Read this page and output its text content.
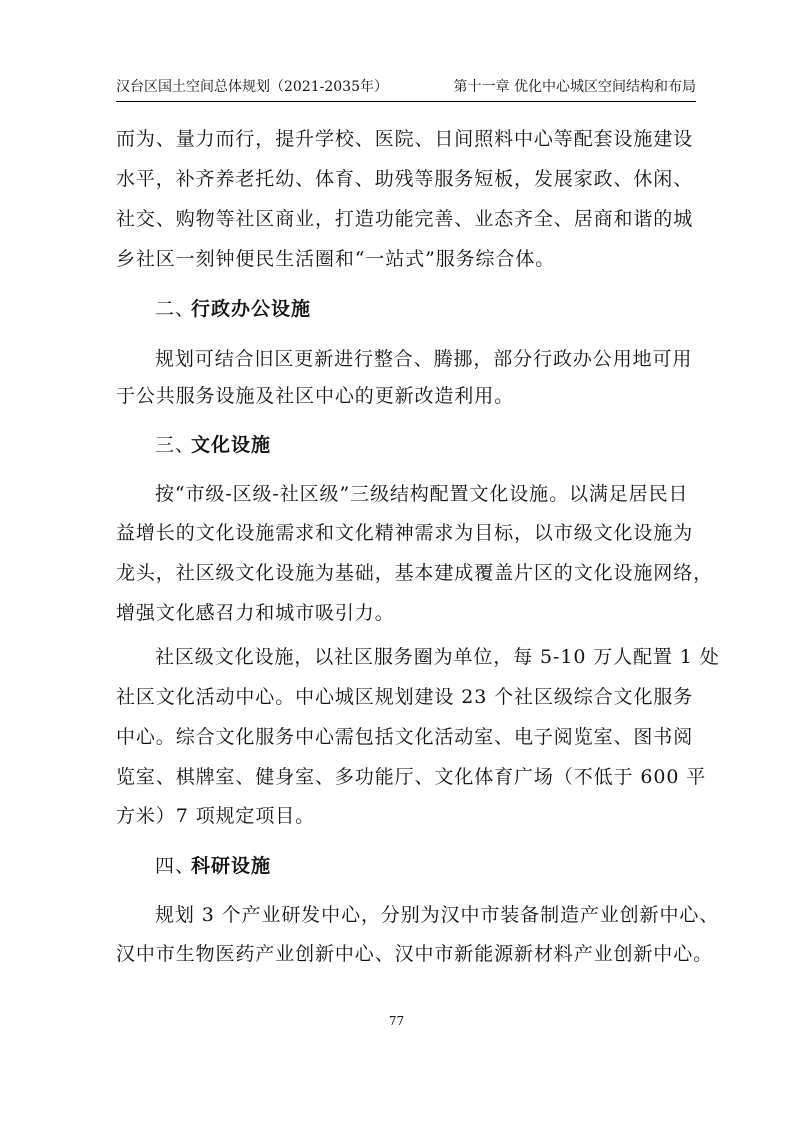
汉台区国土空间总体规划（2021-2035年）	第十一章 优化中心城区空间结构和布局
而为、量力而行，提升学校、医院、日间照料中心等配套设施建设
水平，补齐养老托幼、体育、助残等服务短板，发展家政、休闲、
社交、购物等社区商业，打造功能完善、业态齐全、居商和谐的城
乡社区一刻钟便民生活圈和“一站式”服务综合体。
二、行政办公设施
规划可结合旧区更新进行整合、腾挪，部分行政办公用地可用
于公共服务设施及社区中心的更新改造利用。
三、文化设施
按“市级-区级-社区级”三级结构配置文化设施。以满足居民日
益增长的文化设施需求和文化精神需求为目标，以市级文化设施为
龙头，社区级文化设施为基础，基本建成覆盖片区的文化设施网络，
增强文化感召力和城市吸引力。
社区级文化设施，以社区服务圈为单位，每 5-10 万人配置 1 处
社区文化活动中心。中心城区规划建设 23 个社区级综合文化服务
中心。综合文化服务中心需包括文化活动室、电子阅览室、图书阅
览室、棋牌室、健身室、多功能厅、文化体育广场（不低于 600 平
方米）7 项规定项目。
四、科研设施
规划 3 个产业研发中心，分别为汉中市装备制造产业创新中心、
汉中市生物医药产业创新中心、汉中市新能源新材料产业创新中心。
77
